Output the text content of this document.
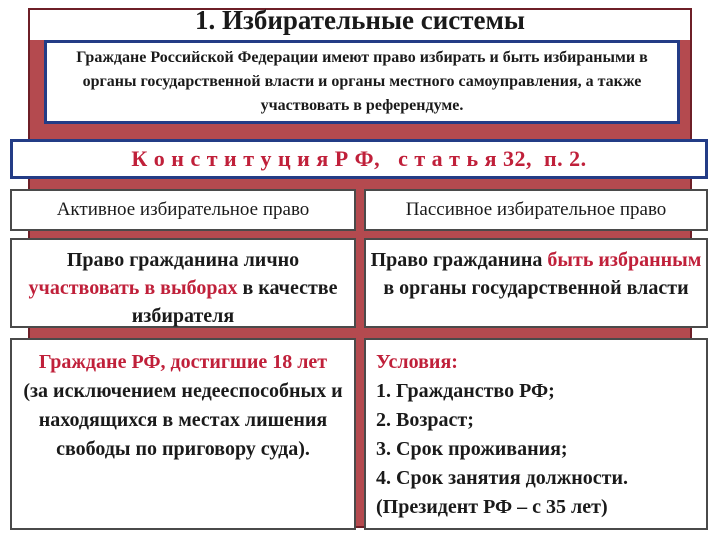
1. Избирательные системы
Граждане Российской Федерации имеют право избирать и быть избираными в органы государственной власти и органы местного самоуправления, а также участвовать в референдуме.
К о н с т и т у ц и я Р Ф,   с т а т ь я 32,  п. 2.
Активное избирательное право	Пассивное избирательное право
Право гражданина лично
участвовать в выборах в качестве избирателя
Право гражданина быть избранным в органы государственной власти
Граждане РФ, достигшие 18 лет
(за исключением недееспособных и находящихся в местах лишения свободы по приговору суда).
Условия:
1. Гражданство РФ;
2. Возраст;
3. Срок проживания;
4. Срок занятия должности.
(Президент РФ – с 35 лет)
